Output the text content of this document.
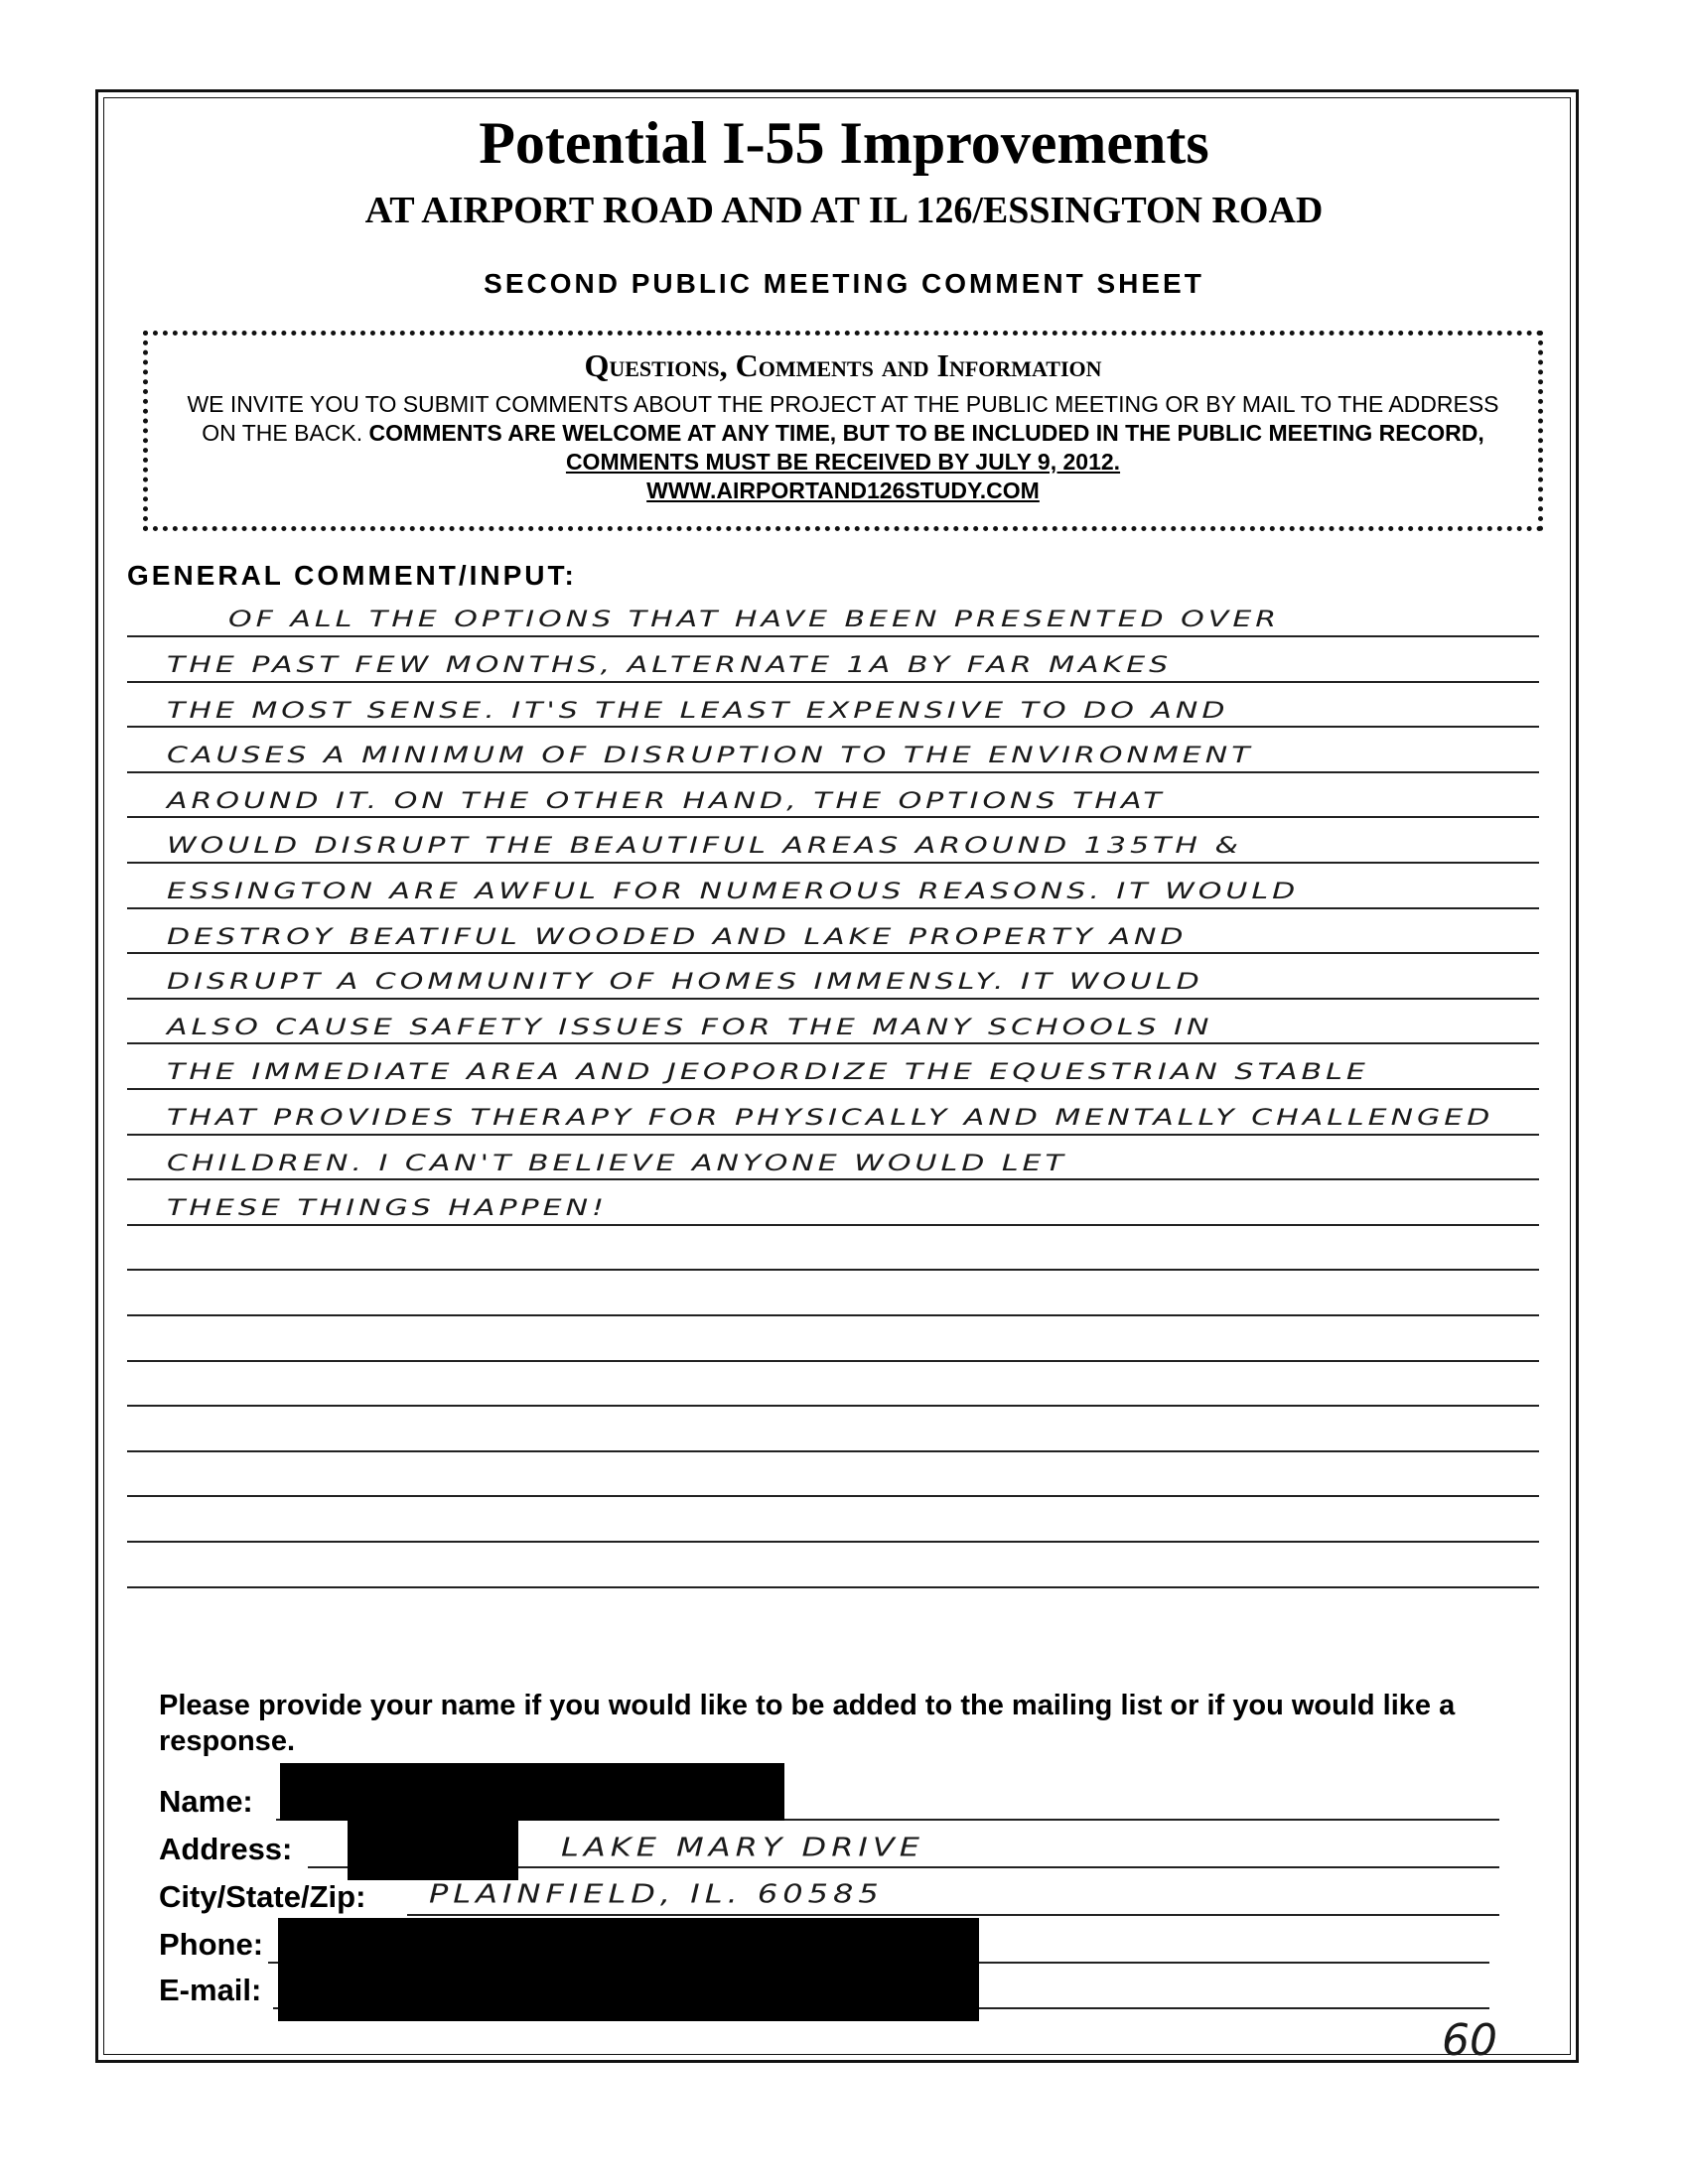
Potential I-55 Improvements
AT AIRPORT ROAD AND AT IL 126/ESSINGTON ROAD
SECOND PUBLIC MEETING COMMENT SHEET
Questions, Comments and Information
WE INVITE YOU TO SUBMIT COMMENTS ABOUT THE PROJECT AT THE PUBLIC MEETING OR BY MAIL TO THE ADDRESS ON THE BACK. COMMENTS ARE WELCOME AT ANY TIME, BUT TO BE INCLUDED IN THE PUBLIC MEETING RECORD, COMMENTS MUST BE RECEIVED BY JULY 9, 2012.
WWW.AIRPORTAND126STUDY.COM
GENERAL COMMENT/INPUT:
OF ALL THE OPTIONS THAT HAVE BEEN PRESENTED OVER
THE PAST FEW MONTHS, ALTERNATE 1A BY FAR MAKES
THE MOST SENSE. IT'S THE LEAST EXPENSIVE TO DO AND
CAUSES A MINIMUM OF DISRUPTION TO THE ENVIRONMENT
AROUND IT. ON THE OTHER HAND, THE OPTIONS THAT
WOULD DISRUPT THE BEAUTIFUL AREAS AROUND 135TH &
ESSINGTON ARE AWFUL FOR NUMEROUS REASONS. IT WOULD
DESTROY BEATIFUL WOODED AND LAKE PROPERTY AND
DISRUPT A COMMUNITY OF HOMES IMMENSLY. IT WOULD
ALSO CAUSE SAFETY ISSUES FOR THE MANY SCHOOLS IN
THE IMMEDIATE AREA AND JEOPORDIZE THE EQUESTRIAN STABLE
THAT PROVIDES THERAPY FOR PHYSICALLY AND MENTALLY CHALLENGED
CHILDREN. I CAN'T BELIEVE ANYONE WOULD LET
THESE THINGS HAPPEN!
Please provide your name if you would like to be added to the mailing list or if you would like a response.
Name:
Address:	LAKE MARY DRIVE
City/State/Zip: PLAINFIELD, IL. 60585
Phone:
E-mail:
60
